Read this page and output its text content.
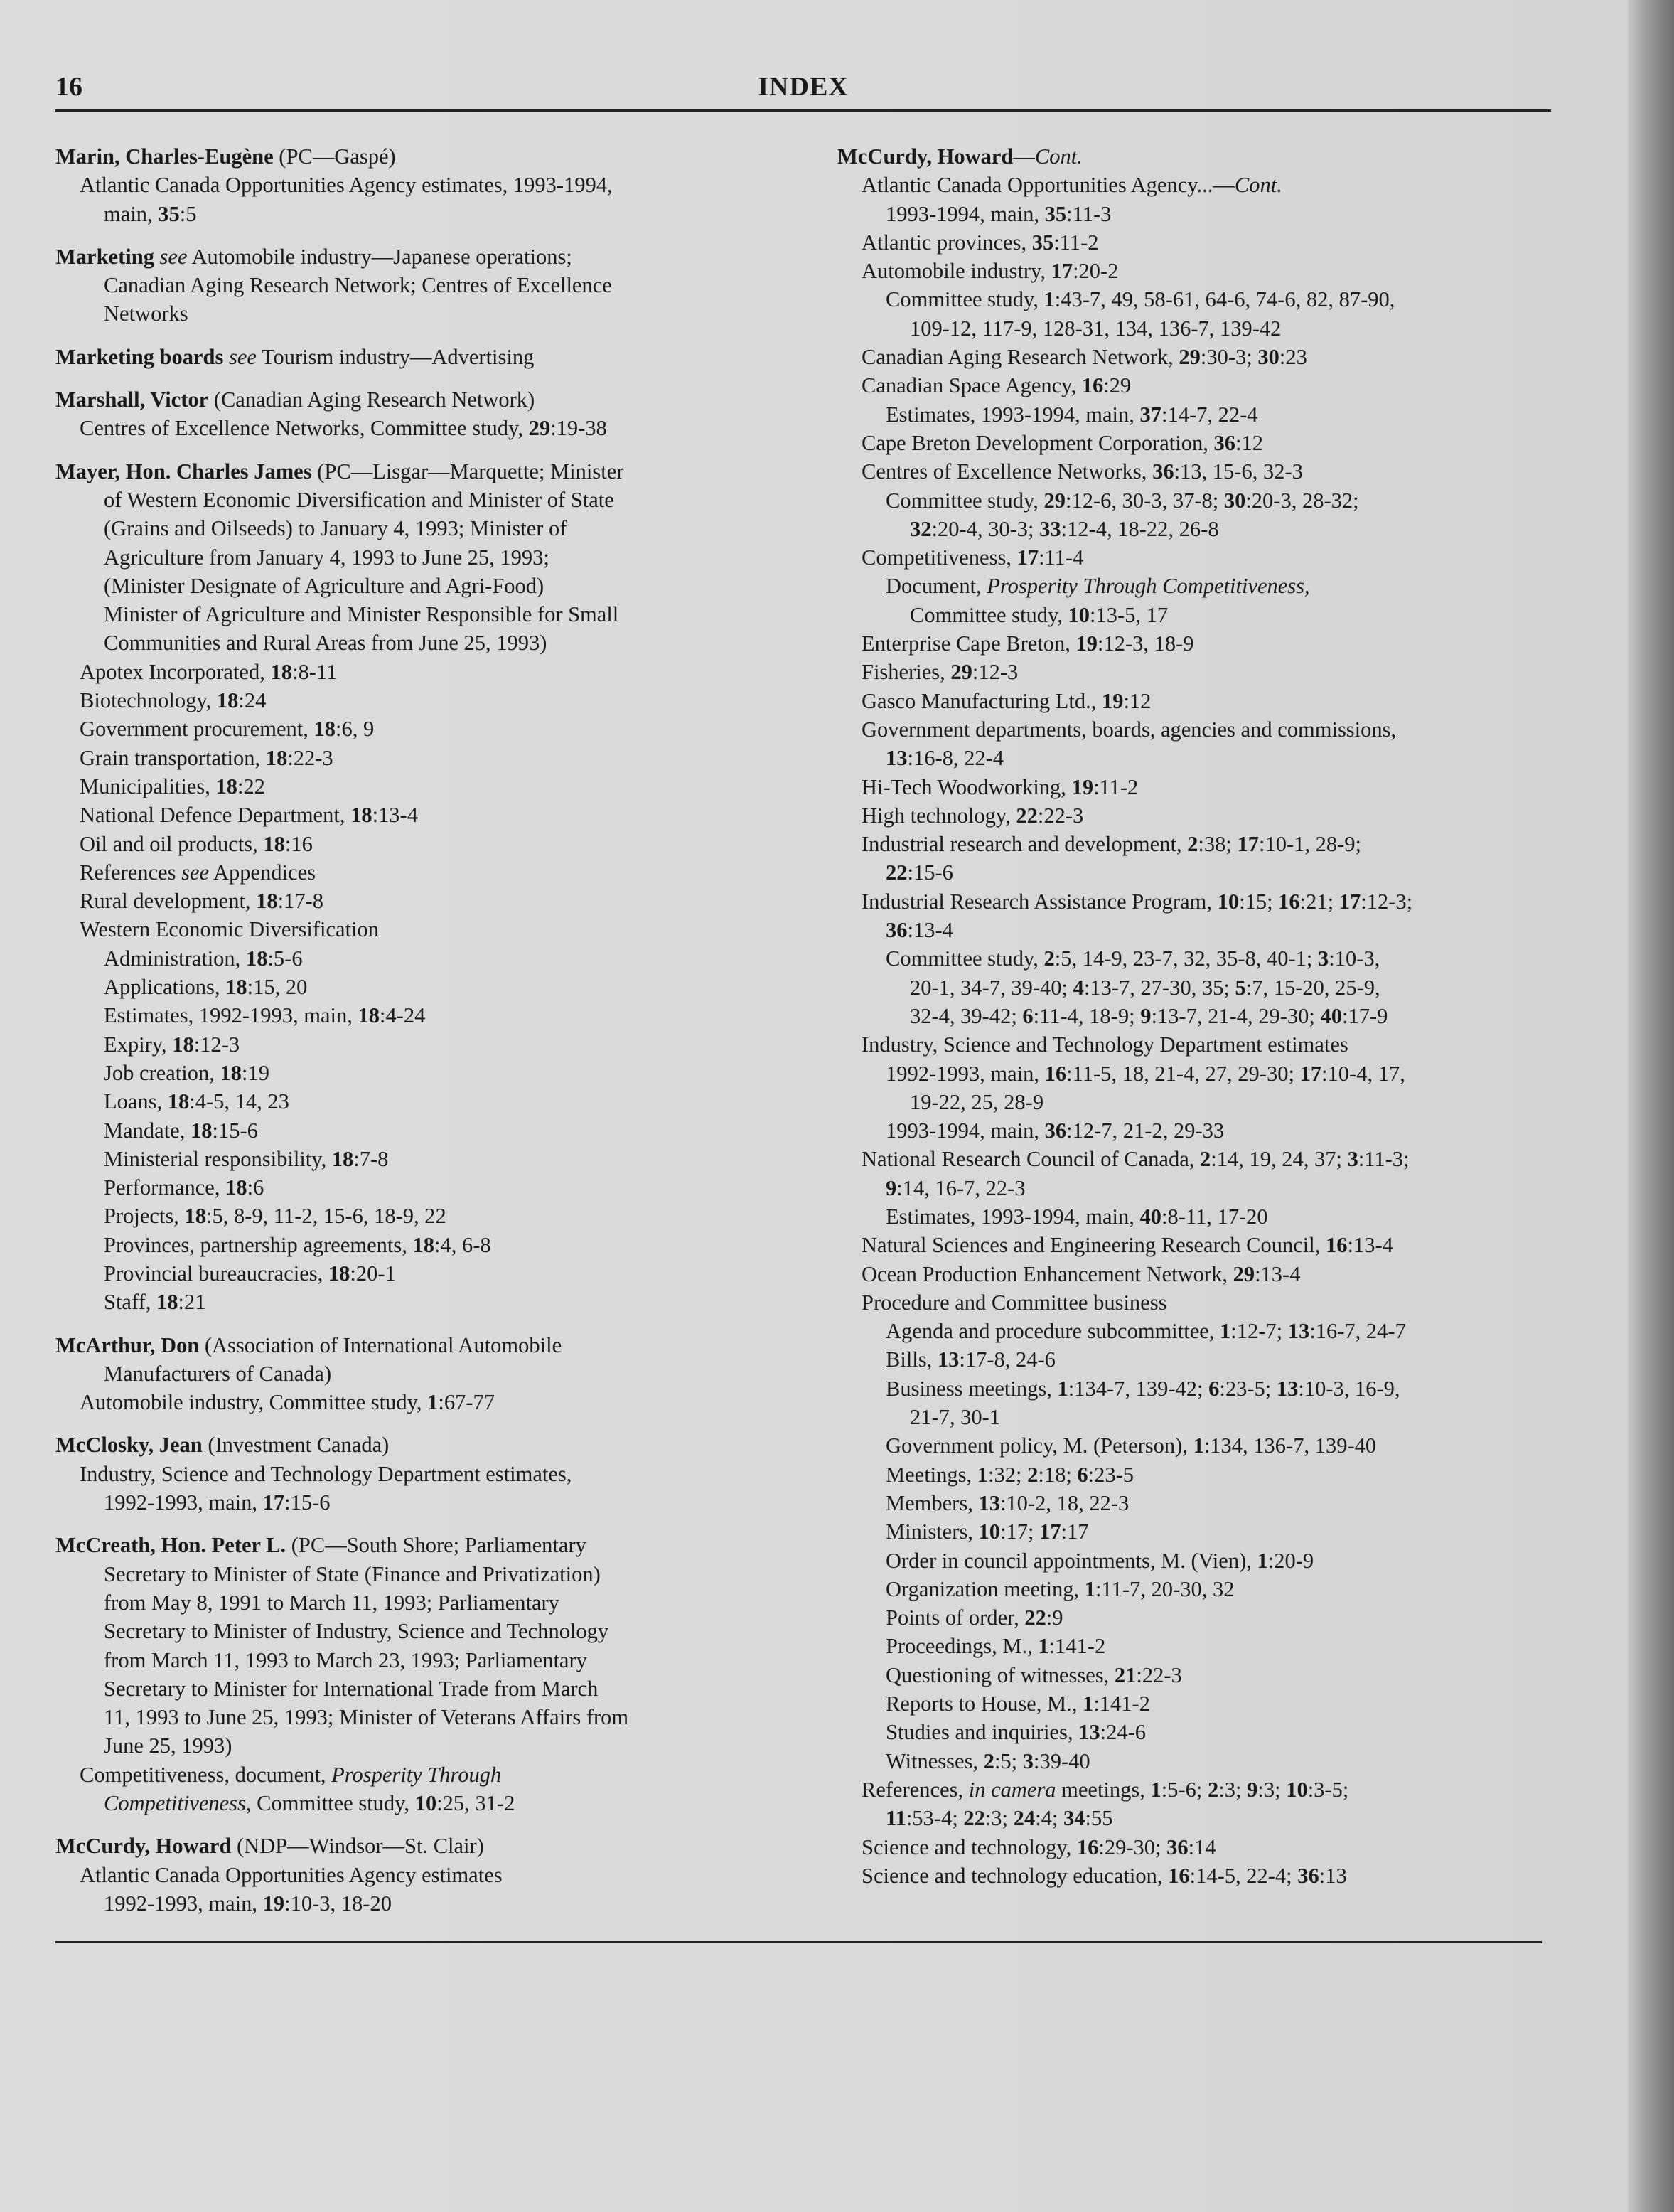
16	INDEX
Marin, Charles-Eugène (PC—Gaspé)
Atlantic Canada Opportunities Agency estimates, 1993-1994,
main, 35:5
Marketing see Automobile industry—Japanese operations;
Canadian Aging Research Network; Centres of Excellence
Networks
Marketing boards see Tourism industry—Advertising
Marshall, Victor (Canadian Aging Research Network)
Centres of Excellence Networks, Committee study, 29:19-38
Mayer, Hon. Charles James (PC—Lisgar—Marquette; Minister
of Western Economic Diversification and Minister of State
(Grains and Oilseeds) to January 4, 1993; Minister of
Agriculture from January 4, 1993 to June 25, 1993;
(Minister Designate of Agriculture and Agri-Food)
Minister of Agriculture and Minister Responsible for Small
Communities and Rural Areas from June 25, 1993)
Apotex Incorporated, 18:8-11
Biotechnology, 18:24
Government procurement, 18:6, 9
Grain transportation, 18:22-3
Municipalities, 18:22
National Defence Department, 18:13-4
Oil and oil products, 18:16
References see Appendices
Rural development, 18:17-8
Western Economic Diversification
Administration, 18:5-6
Applications, 18:15, 20
Estimates, 1992-1993, main, 18:4-24
Expiry, 18:12-3
Job creation, 18:19
Loans, 18:4-5, 14, 23
Mandate, 18:15-6
Ministerial responsibility, 18:7-8
Performance, 18:6
Projects, 18:5, 8-9, 11-2, 15-6, 18-9, 22
Provinces, partnership agreements, 18:4, 6-8
Provincial bureaucracies, 18:20-1
Staff, 18:21
McArthur, Don (Association of International Automobile
Manufacturers of Canada)
Automobile industry, Committee study, 1:67-77
McClosky, Jean (Investment Canada)
Industry, Science and Technology Department estimates,
1992-1993, main, 17:15-6
McCreath, Hon. Peter L. (PC—South Shore; Parliamentary
Secretary to Minister of State (Finance and Privatization)
from May 8, 1991 to March 11, 1993; Parliamentary
Secretary to Minister of Industry, Science and Technology
from March 11, 1993 to March 23, 1993; Parliamentary
Secretary to Minister for International Trade from March
11, 1993 to June 25, 1993; Minister of Veterans Affairs from
June 25, 1993)
Competitiveness, document, Prosperity Through
Competitiveness, Committee study, 10:25, 31-2
McCurdy, Howard (NDP—Windsor—St. Clair)
Atlantic Canada Opportunities Agency estimates
1992-1993, main, 19:10-3, 18-20
McCurdy, Howard—Cont.
Atlantic Canada Opportunities Agency...—Cont.
1993-1994, main, 35:11-3
Atlantic provinces, 35:11-2
Automobile industry, 17:20-2
Committee study, 1:43-7, 49, 58-61, 64-6, 74-6, 82, 87-90,
109-12, 117-9, 128-31, 134, 136-7, 139-42
Canadian Aging Research Network, 29:30-3; 30:23
Canadian Space Agency, 16:29
Estimates, 1993-1994, main, 37:14-7, 22-4
Cape Breton Development Corporation, 36:12
Centres of Excellence Networks, 36:13, 15-6, 32-3
Committee study, 29:12-6, 30-3, 37-8; 30:20-3, 28-32;
32:20-4, 30-3; 33:12-4, 18-22, 26-8
Competitiveness, 17:11-4
Document, Prosperity Through Competitiveness,
Committee study, 10:13-5, 17
Enterprise Cape Breton, 19:12-3, 18-9
Fisheries, 29:12-3
Gasco Manufacturing Ltd., 19:12
Government departments, boards, agencies and commissions,
13:16-8, 22-4
Hi-Tech Woodworking, 19:11-2
High technology, 22:22-3
Industrial research and development, 2:38; 17:10-1, 28-9;
22:15-6
Industrial Research Assistance Program, 10:15; 16:21; 17:12-3;
36:13-4
Committee study, 2:5, 14-9, 23-7, 32, 35-8, 40-1; 3:10-3,
20-1, 34-7, 39-40; 4:13-7, 27-30, 35; 5:7, 15-20, 25-9,
32-4, 39-42; 6:11-4, 18-9; 9:13-7, 21-4, 29-30; 40:17-9
Industry, Science and Technology Department estimates
1992-1993, main, 16:11-5, 18, 21-4, 27, 29-30; 17:10-4, 17,
19-22, 25, 28-9
1993-1994, main, 36:12-7, 21-2, 29-33
National Research Council of Canada, 2:14, 19, 24, 37; 3:11-3;
9:14, 16-7, 22-3
Estimates, 1993-1994, main, 40:8-11, 17-20
Natural Sciences and Engineering Research Council, 16:13-4
Ocean Production Enhancement Network, 29:13-4
Procedure and Committee business
Agenda and procedure subcommittee, 1:12-7; 13:16-7, 24-7
Bills, 13:17-8, 24-6
Business meetings, 1:134-7, 139-42; 6:23-5; 13:10-3, 16-9,
21-7, 30-1
Government policy, M. (Peterson), 1:134, 136-7, 139-40
Meetings, 1:32; 2:18; 6:23-5
Members, 13:10-2, 18, 22-3
Ministers, 10:17; 17:17
Order in council appointments, M. (Vien), 1:20-9
Organization meeting, 1:11-7, 20-30, 32
Points of order, 22:9
Proceedings, M., 1:141-2
Questioning of witnesses, 21:22-3
Reports to House, M., 1:141-2
Studies and inquiries, 13:24-6
Witnesses, 2:5; 3:39-40
References, in camera meetings, 1:5-6; 2:3; 9:3; 10:3-5;
11:53-4; 22:3; 24:4; 34:55
Science and technology, 16:29-30; 36:14
Science and technology education, 16:14-5, 22-4; 36:13
